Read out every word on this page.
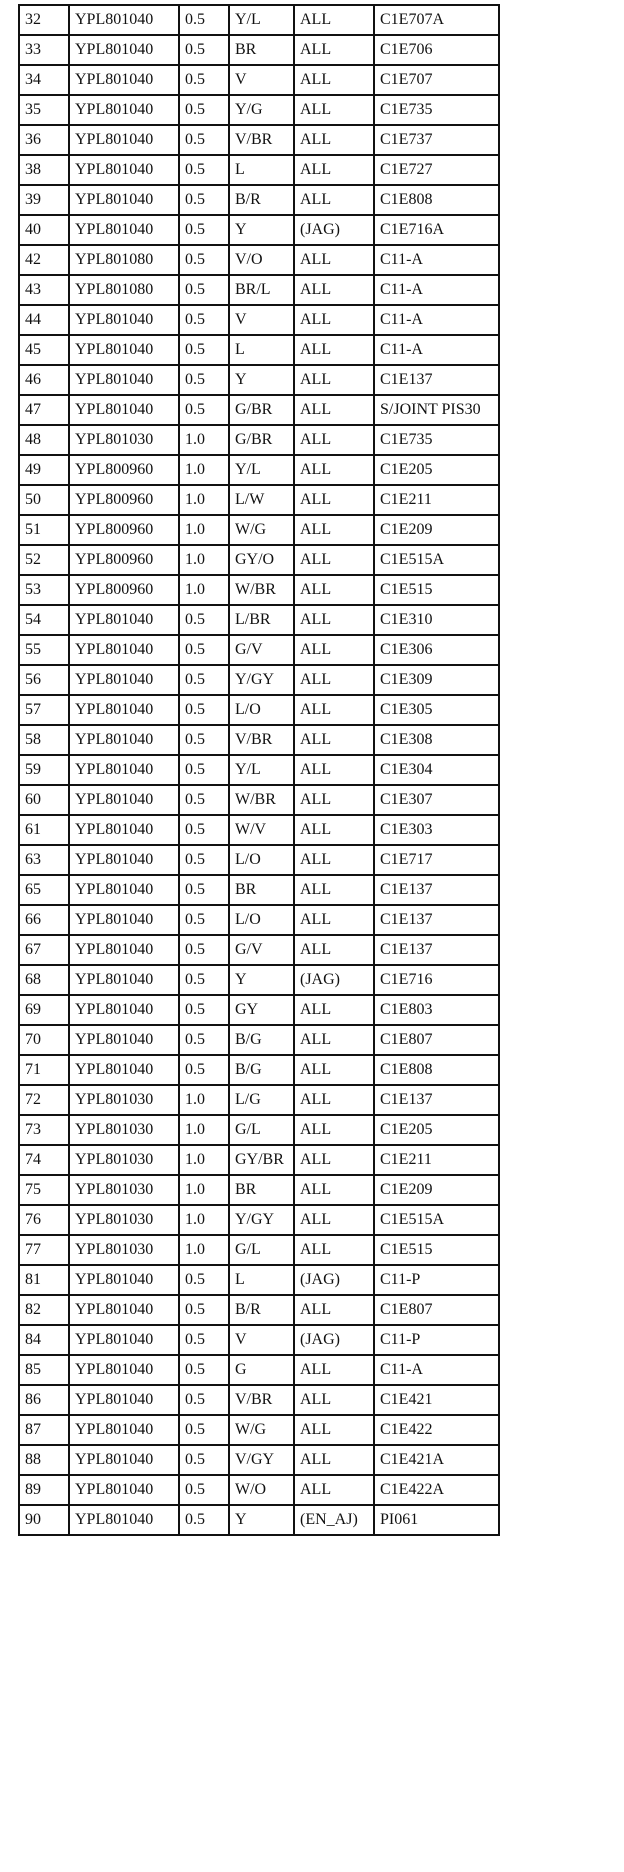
32	YPL801040	0.5	Y/L	ALL	C1E707A
33	YPL801040	0.5	BR	ALL	C1E706
34	YPL801040	0.5	V	ALL	C1E707
35	YPL801040	0.5	Y/G	ALL	C1E735
36	YPL801040	0.5	V/BR	ALL	C1E737
38	YPL801040	0.5	L	ALL	C1E727
39	YPL801040	0.5	B/R	ALL	C1E808
40	YPL801040	0.5	Y	(JAG)	C1E716A
42	YPL801080	0.5	V/O	ALL	C11-A
43	YPL801080	0.5	BR/L	ALL	C11-A
44	YPL801040	0.5	V	ALL	C11-A
45	YPL801040	0.5	L	ALL	C11-A
46	YPL801040	0.5	Y	ALL	C1E137
47	YPL801040	0.5	G/BR	ALL	S/JOINT PIS30
48	YPL801030	1.0	G/BR	ALL	C1E735
49	YPL800960	1.0	Y/L	ALL	C1E205
50	YPL800960	1.0	L/W	ALL	C1E211
51	YPL800960	1.0	W/G	ALL	C1E209
52	YPL800960	1.0	GY/O	ALL	C1E515A
53	YPL800960	1.0	W/BR	ALL	C1E515
54	YPL801040	0.5	L/BR	ALL	C1E310
55	YPL801040	0.5	G/V	ALL	C1E306
56	YPL801040	0.5	Y/GY	ALL	C1E309
57	YPL801040	0.5	L/O	ALL	C1E305
58	YPL801040	0.5	V/BR	ALL	C1E308
59	YPL801040	0.5	Y/L	ALL	C1E304
60	YPL801040	0.5	W/BR	ALL	C1E307
61	YPL801040	0.5	W/V	ALL	C1E303
63	YPL801040	0.5	L/O	ALL	C1E717
65	YPL801040	0.5	BR	ALL	C1E137
66	YPL801040	0.5	L/O	ALL	C1E137
67	YPL801040	0.5	G/V	ALL	C1E137
68	YPL801040	0.5	Y	(JAG)	C1E716
69	YPL801040	0.5	GY	ALL	C1E803
70	YPL801040	0.5	B/G	ALL	C1E807
71	YPL801040	0.5	B/G	ALL	C1E808
72	YPL801030	1.0	L/G	ALL	C1E137
73	YPL801030	1.0	G/L	ALL	C1E205
74	YPL801030	1.0	GY/BR	ALL	C1E211
75	YPL801030	1.0	BR	ALL	C1E209
76	YPL801030	1.0	Y/GY	ALL	C1E515A
77	YPL801030	1.0	G/L	ALL	C1E515
81	YPL801040	0.5	L	(JAG)	C11-P
82	YPL801040	0.5	B/R	ALL	C1E807
84	YPL801040	0.5	V	(JAG)	C11-P
85	YPL801040	0.5	G	ALL	C11-A
86	YPL801040	0.5	V/BR	ALL	C1E421
87	YPL801040	0.5	W/G	ALL	C1E422
88	YPL801040	0.5	V/GY	ALL	C1E421A
89	YPL801040	0.5	W/O	ALL	C1E422A
90	YPL801040	0.5	Y	(EN_AJ)	PI061
